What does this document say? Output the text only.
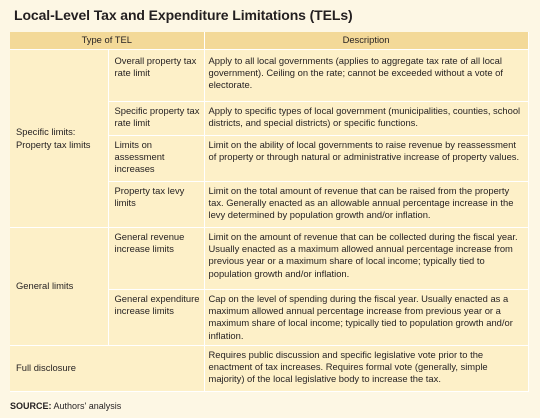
Local-Level Tax and Expenditure Limitations (TELs)
Type of TEL		Description
Specific limits: Property tax limits	Overall property tax rate limit	Apply to all local governments (applies to aggregate tax rate of all local government). Ceiling on the rate; cannot be exceeded without a vote of electorate.
	Specific property tax rate limit	Apply to specific types of local government (municipalities, counties, school districts, and special districts) or specific functions.
	Limits on assessment increases	Limit on the ability of local governments to raise revenue by reassessment of property or through natural or administrative increase of property values.
	Property tax levy limits	Limit on the total amount of revenue that can be raised from the property tax. Generally enacted as an allowable annual percentage increase in the levy determined by population growth and/or inflation.
General limits	General revenue increase limits	Limit on the amount of revenue that can be collected during the fiscal year. Usually enacted as a maximum allowed annual percentage increase from previous year or a maximum share of local income; typically tied to population growth and/or inflation.
	General expenditure increase limits	Cap on the level of spending during the fiscal year. Usually enacted as a maximum allowed annual percentage increase from previous year or a maximum share of local income; typically tied to population growth and/or inflation.
Full disclosure		Requires public discussion and specific legislative vote prior to the enactment of tax increases. Requires formal vote (generally, simple majority) of the local legislative body to increase the tax.
SOURCE: Authors' analysis
